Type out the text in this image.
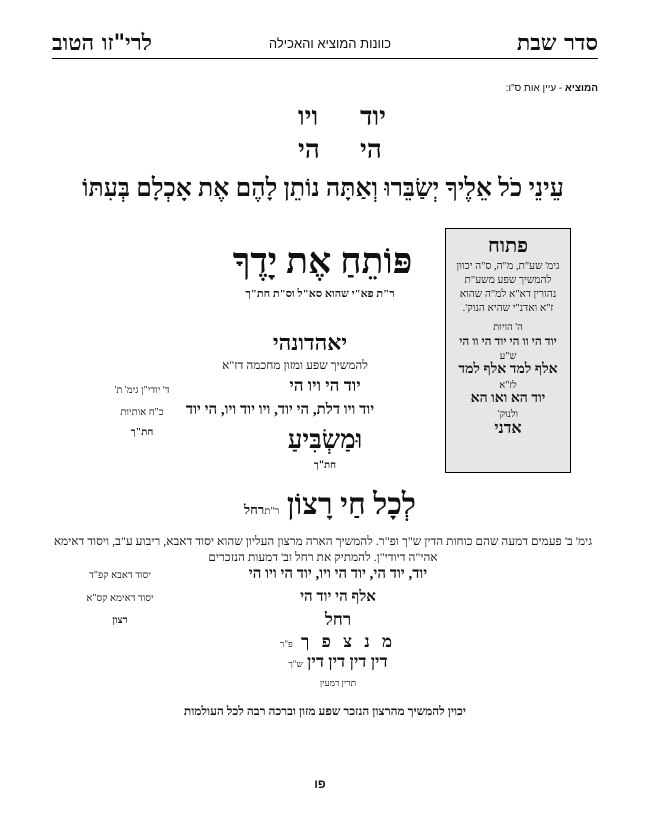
לרי"זו הטוב	כוונות המוציא והאכילה	סדר שבת
המוציא - עיין אות ס"ו:
ויו יוד
הי הי
עֵינֵי כֹל אֵלֶיךָ יְשַׂבֵּרוּ וְאַתָּה נוֹתֵן לָהֶם אֶת אָכְלָם בְּעִתּוֹ
פּוֹתֵחַ אֶת יָדֶךָ
ר"ת פא"י שהוא סא"ל וס"ת חת"ך
יאהדונהי
להמשיך שפע ומזון מחכמה דז"א
יוד הי ויו הי
יוד ויו דלת, הי יוד, ויו יוד ויו, הי יוד
וּמַשְׂבִּיעַ
חת"ך
ד' יודי"ן גימ' ת'
כ"ח אותיות
חת"ך
פתוח
גימ' שע"ת, מ"ה, ס"ה יכוון להמשיך שפע משע"ת נהורין דא"א למ"ה שהוא ז"א ואדנ"י שהיא הנוק'.
ה' הויות
יוד הי וו הי יוד הי וו הי
ש"ע
אלף למד אלף למד
לז"א
יוד הא ואו הא
ולנוק'
אדני
לְכָל חַי רָצוֹן ר"תרחל
גימ' ב' פעמים דמעה שהם כוחות הדין ש"ך ופ"ר. להמשיך הארה מרצון העליון שהוא יסוד דאבא, ריבוע ע"ב, ויסוד דאימא אהי"ה דיודי"ן. להמתיק את רחל וב' דמעות הנזכרים
יוד, יוד הי, יוד הי ויו, יוד הי ויו הי
אלף הי יוד הי
רחל
מ נ צ פ ך פ"ר
דין דין דין דין ש"ך
תרין דמעין
יסוד דאבא קפ"ד
יסוד דאימא קס"א
רצון
יכוין להמשיך מהרצון הנזכר שפע מזון וברכה רבה לכל העולמות
פו
